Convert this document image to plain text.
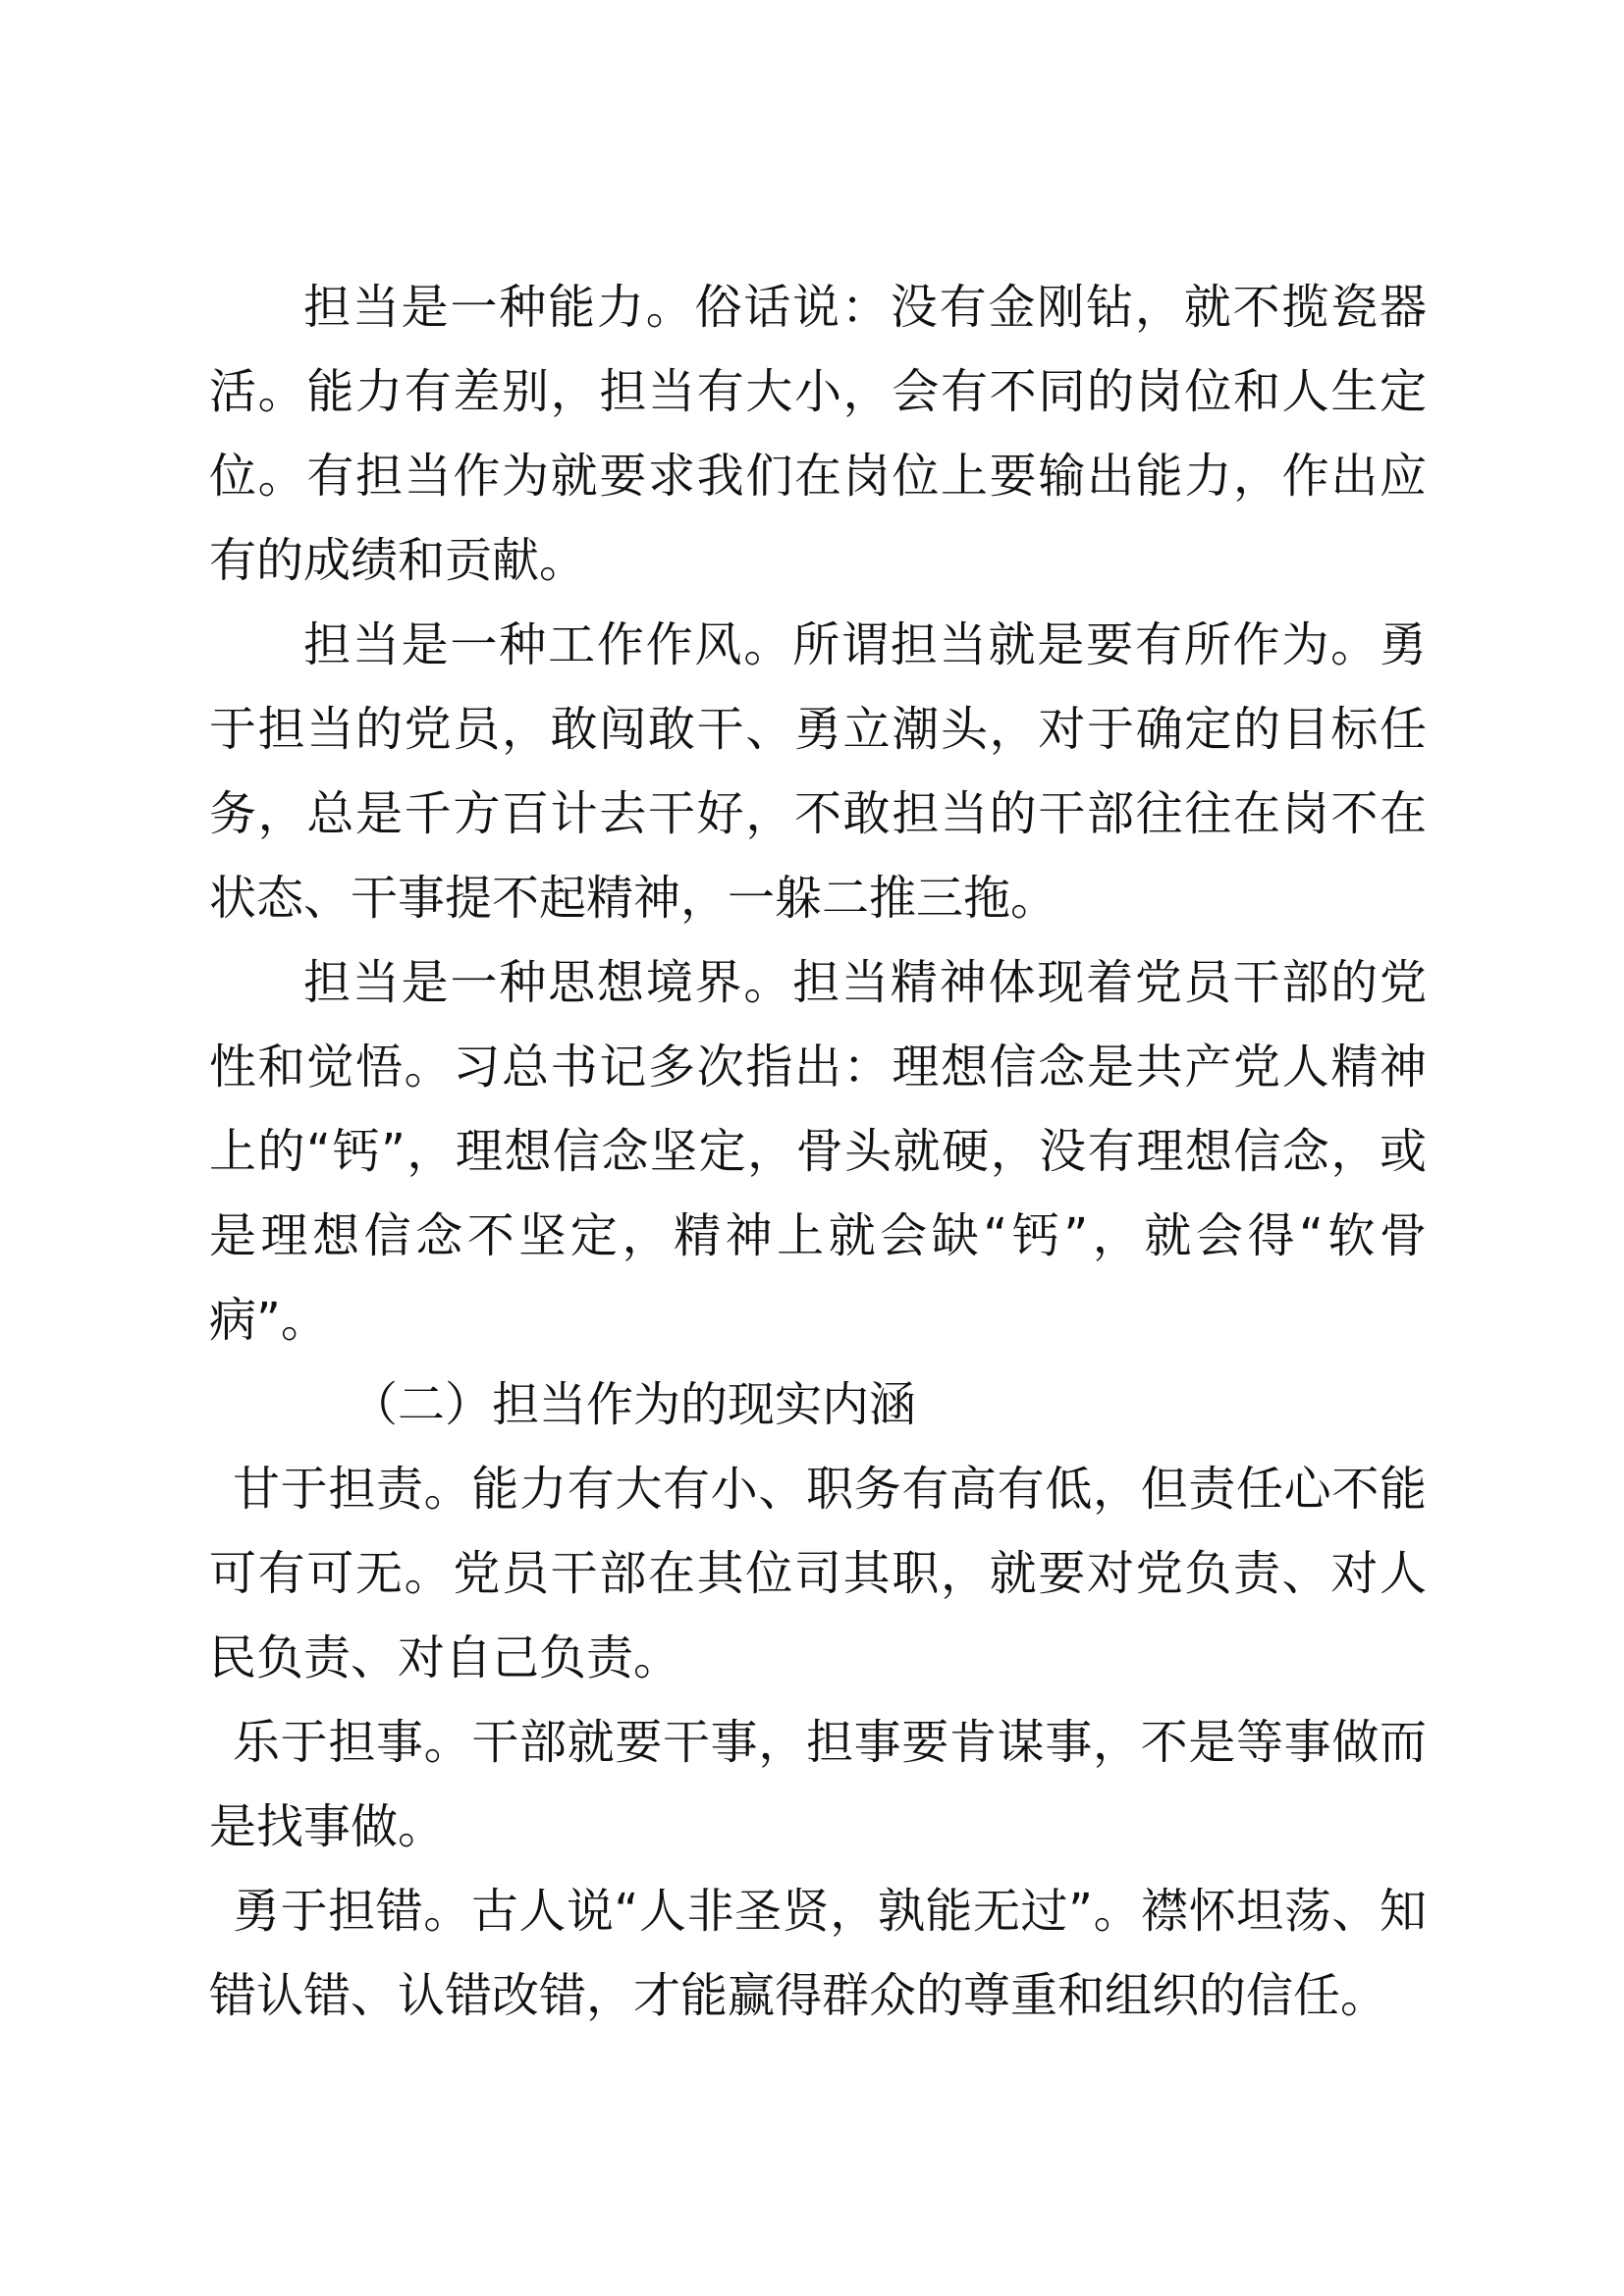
担当是一种能力。俗话说：没有金刚钻，就不揽瓷器活。能力有差别，担当有大小，会有不同的岗位和人生定位。有担当作为就要求我们在岗位上要输出能力，作出应有的成绩和贡献。

担当是一种工作作风。所谓担当就是要有所作为。勇于担当的党员，敢闯敢干、勇立潮头，对于确定的目标任务，总是千方百计去干好，不敢担当的干部往往在岗不在状态、干事提不起精神，一躲二推三拖。

担当是一种思想境界。担当精神体现着党员干部的党性和觉悟。习总书记多次指出：理想信念是共产党人精神上的“钙”，理想信念坚定，骨头就硬，没有理想信念，或是理想信念不坚定，精神上就会缺“钙”，就会得“软骨病”。

（二）担当作为的现实内涵

甘于担责。能力有大有小、职务有高有低，但责任心不能可有可无。党员干部在其位司其职，就要对党负责、对人民负责、对自己负责。

乐于担事。干部就要干事，担事要肯谋事，不是等事做而是找事做。

勇于担错。古人说“人非圣贤，孰能无过”。襟怀坦荡、知错认错、认错改错，才能赢得群众的尊重和组织的信任。
